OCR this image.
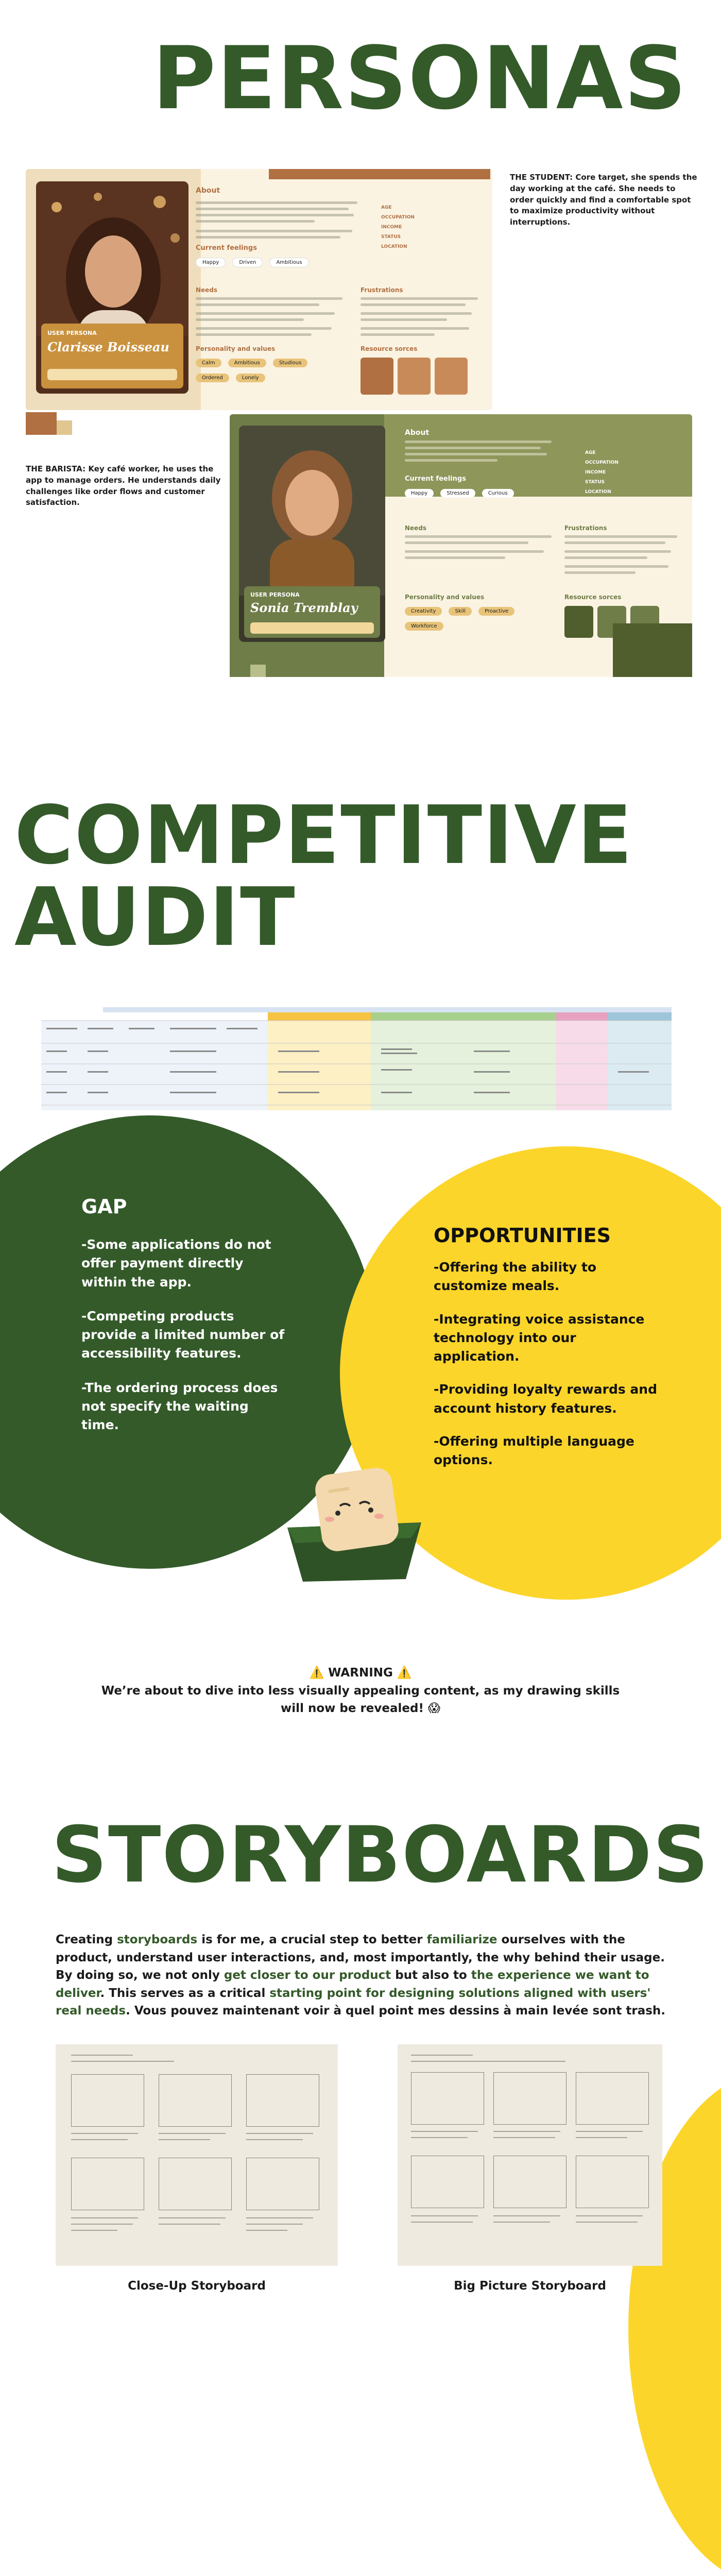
PERSONAS
USER PERSONA
Clarisse Boisseau
About
AGE
OCCUPATION
INCOME
STATUS
LOCATION
Current feelings
Happy	Driven	Ambitious
Needs	Frustrations
Personality and values
Calm	Ambitious	Studious
Ordered	Lonely
Resource sorces
THE STUDENT: Core target, she spends the day working at the café. She needs to order quickly and find a comfortable spot to maximize productivity without interruptions.
THE BARISTA: Key café worker, he uses the app to manage orders. He understands daily challenges like order flows and customer satisfaction.
USER PERSONA
Sonia Tremblay
About
AGE
OCCUPATION
INCOME
STATUS
LOCATION
Current feelings
Happy	Stressed	Curious
Needs	Frustrations
Personality and values
Creativity	Skill	Proactive
Workforce
Resource sorces
COMPETITIVE
AUDIT
GAP

-Some applications do not offer payment directly within the app.

-Competing products provide a limited number of accessibility features.

-The ordering process does not specify the waiting time.

OPPORTUNITIES

-Offering the ability to customize meals.

-Integrating voice assistance technology into our application.

-Providing loyalty rewards and account history features.

-Offering multiple language options.

⚠️ WARNING ⚠️
We’re about to dive into less visually appealing content, as my drawing skills
will now be revealed! 😱
STORYBOARDS

Creating storyboards is for me, a crucial step to better familiarize ourselves with the product, understand user interactions, and, most importantly, the why behind their usage. By doing so, we not only get closer to our product but also to the experience we want to deliver. This serves as a critical starting point for designing solutions aligned with users' real needs. Vous pouvez maintenant voir à quel point mes dessins à main levée sont trash.

Close-Up Storyboard	Big Picture Storyboard
